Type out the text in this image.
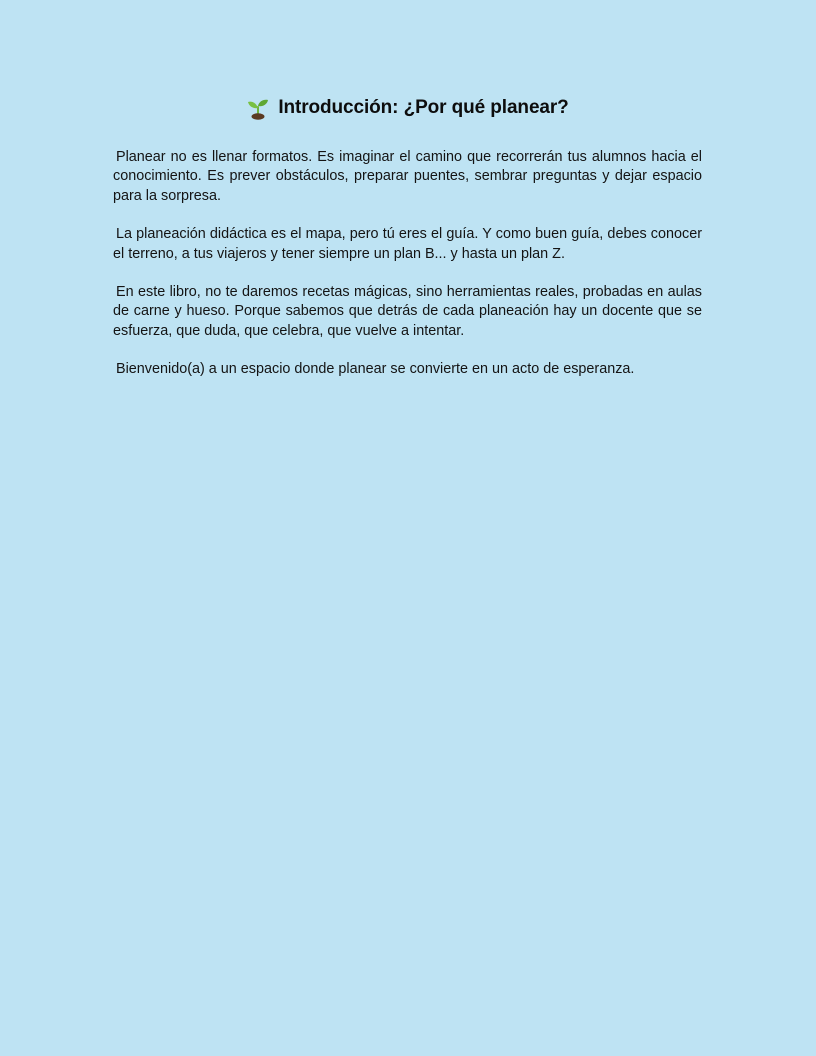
Introducción: ¿Por qué planear?

Planear no es llenar formatos. Es imaginar el camino que recorrerán tus alumnos hacia el conocimiento. Es prever obstáculos, preparar puentes, sembrar preguntas y dejar espacio para la sorpresa.

La planeación didáctica es el mapa, pero tú eres el guía. Y como buen guía, debes conocer el terreno, a tus viajeros y tener siempre un plan B... y hasta un plan Z.

En este libro, no te daremos recetas mágicas, sino herramientas reales, probadas en aulas de carne y hueso. Porque sabemos que detrás de cada planeación hay un docente que se esfuerza, que duda, que celebra, que vuelve a intentar.

Bienvenido(a) a un espacio donde planear se convierte en un acto de esperanza.
